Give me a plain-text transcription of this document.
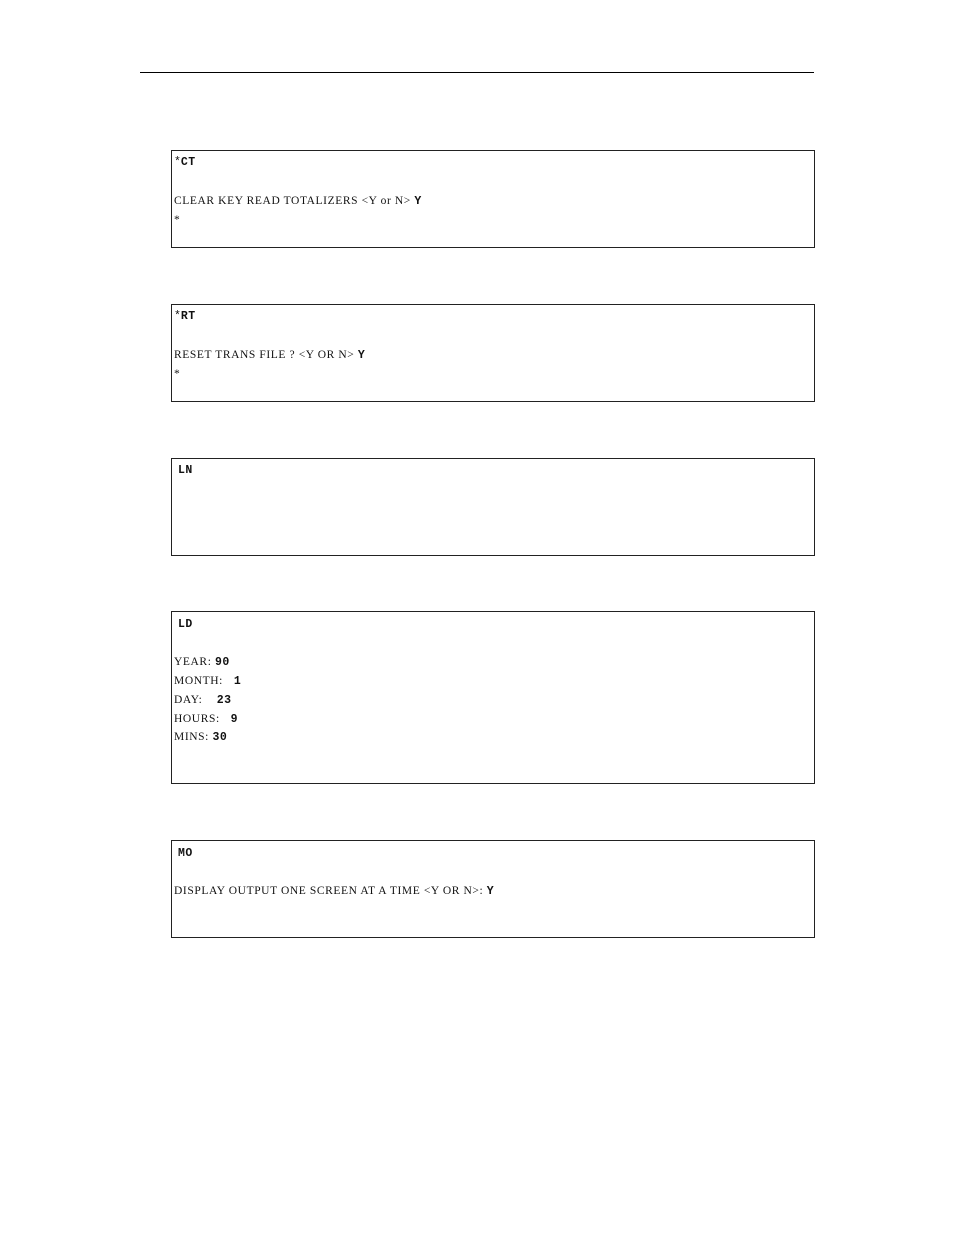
*CT
CLEAR KEY READ TOTALIZERS <Y or N> Y
*
*RT
RESET TRANS FILE ? <Y OR N> Y
*
LN
LD
YEAR: 90
MONTH:  1
DAY:   23
HOURS:  9
MINS: 30
MO
DISPLAY OUTPUT ONE SCREEN AT A TIME <Y OR N>: Y
